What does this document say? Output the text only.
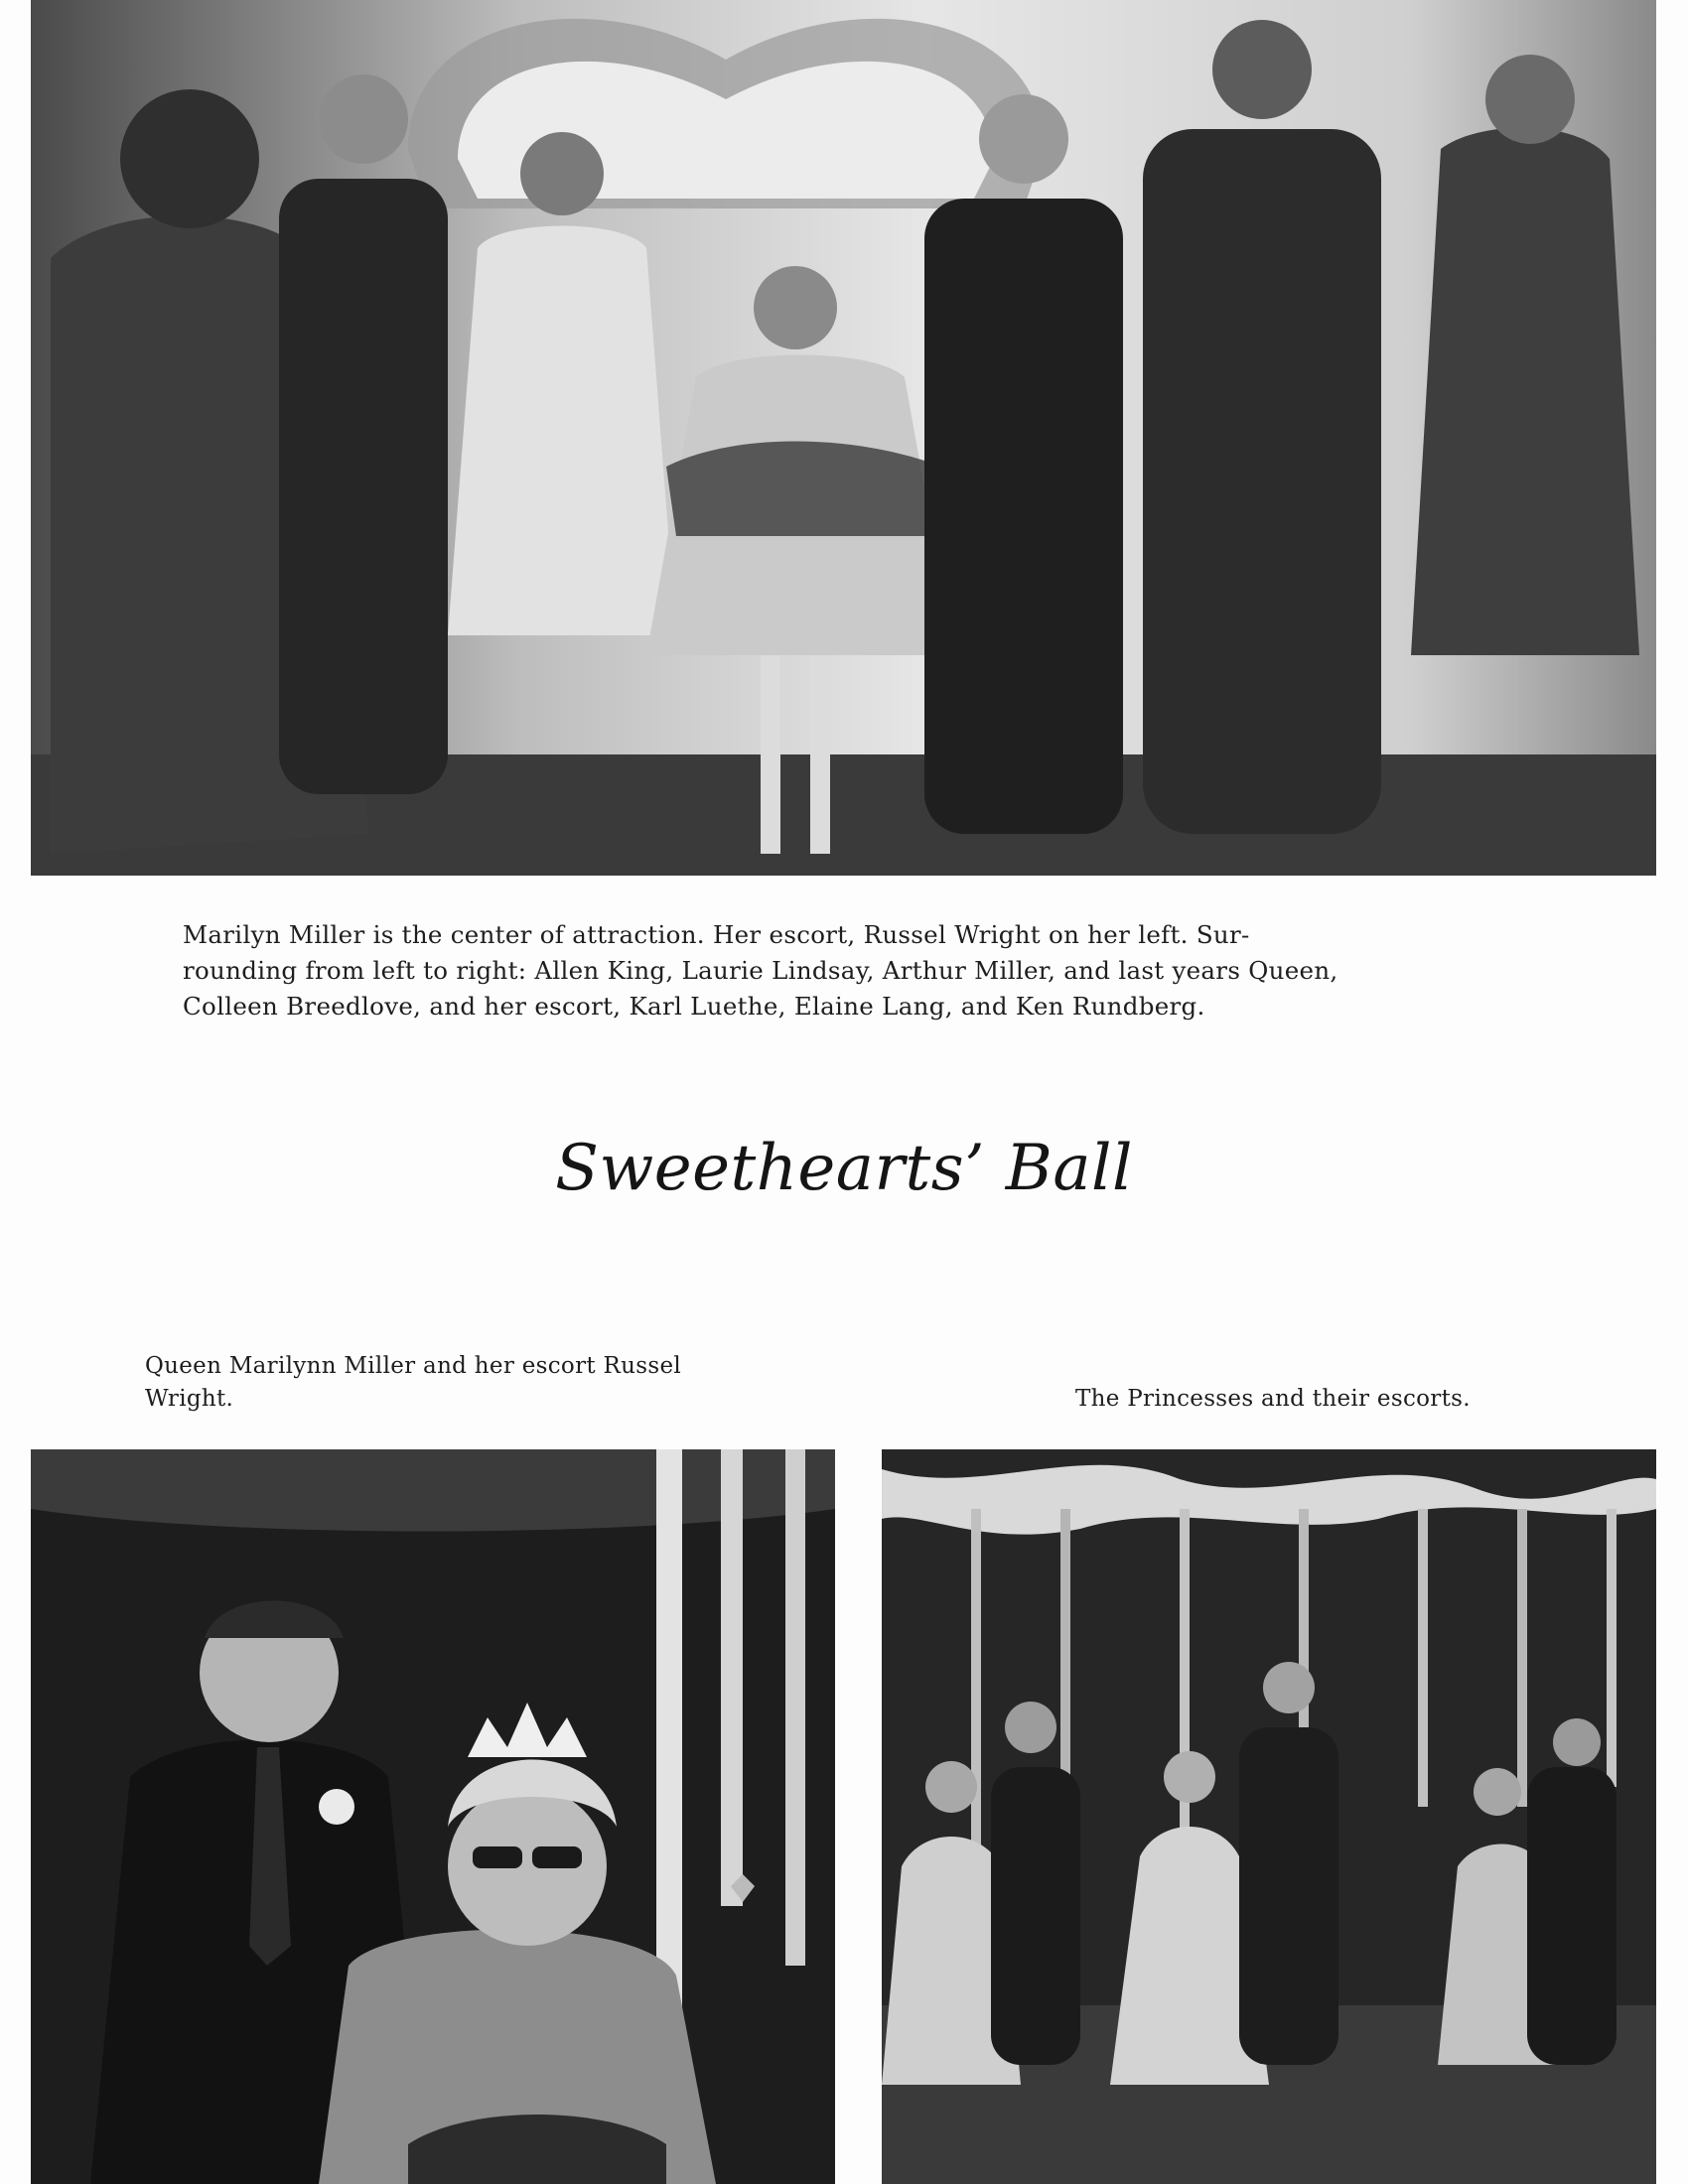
Marilyn Miller is the center of attraction. Her escort, Russel Wright on her left. Sur-
rounding from left to right: Allen King, Laurie Lindsay, Arthur Miller, and last years Queen,
Colleen Breedlove, and her escort, Karl Luethe, Elaine Lang, and Ken Rundberg.
Sweethearts’ Ball
Queen Marilynn Miller and her escort Russel
Wright.	The Princesses and their escorts.
